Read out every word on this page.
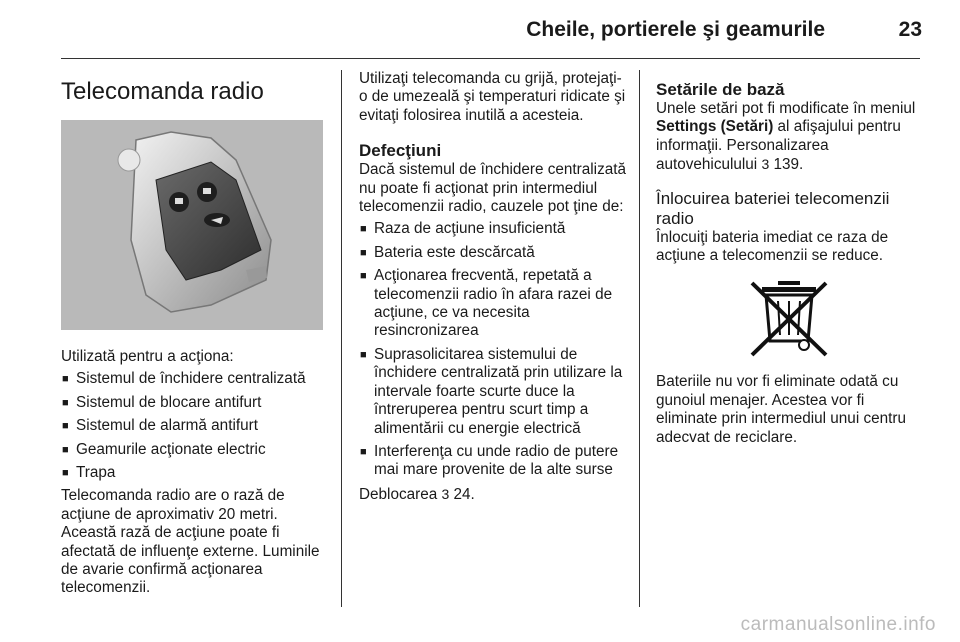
Cheile, portierele şi geamurile	23
Telecomanda radio

Utilizată pentru a acţiona:

■ Sistemul de închidere centralizată
■ Sistemul de blocare antifurt
■ Sistemul de alarmă antifurt
■ Geamurile acţionate electric
■ Trapa

Telecomanda radio are o rază de acţiune de aproximativ 20 metri. Această rază de acţiune poate fi afectată de influenţe externe. Luminile de avarie confirmă acţionarea telecomenzii.

Utilizaţi telecomanda cu grijă, protejaţi-o de umezeală şi temperaturi ridicate şi evitaţi folosirea inutilă a acesteia.

Defecţiuni

Dacă sistemul de închidere centralizată nu poate fi acţionat prin intermediul telecomenzii radio, cauzele pot ţine de:

■ Raza de acţiune insuficientă
■ Bateria este descărcată
■ Acţionarea frecventă, repetată a telecomenzii radio în afara razei de acţiune, ce va necesita resincronizarea
■ Suprasolicitarea sistemului de închidere centralizată prin utilizare la intervale foarte scurte duce la întreruperea pentru scurt timp a alimentării cu energie electrică
■ Interferenţa cu unde radio de putere mai mare provenite de la alte surse

Deblocarea 3 24.

Setările de bază

Unele setări pot fi modificate în meniul Settings (Setări) al afişajului pentru informaţii. Personalizarea autovehiculului 3 139.

Înlocuirea bateriei telecomenzii radio

Înlocuiţi bateria imediat ce raza de acţiune a telecomenzii se reduce.

Bateriile nu vor fi eliminate odată cu gunoiul menajer. Acestea vor fi eliminate prin intermediul unui centru adecvat de reciclare.

carmanualsonline.info
